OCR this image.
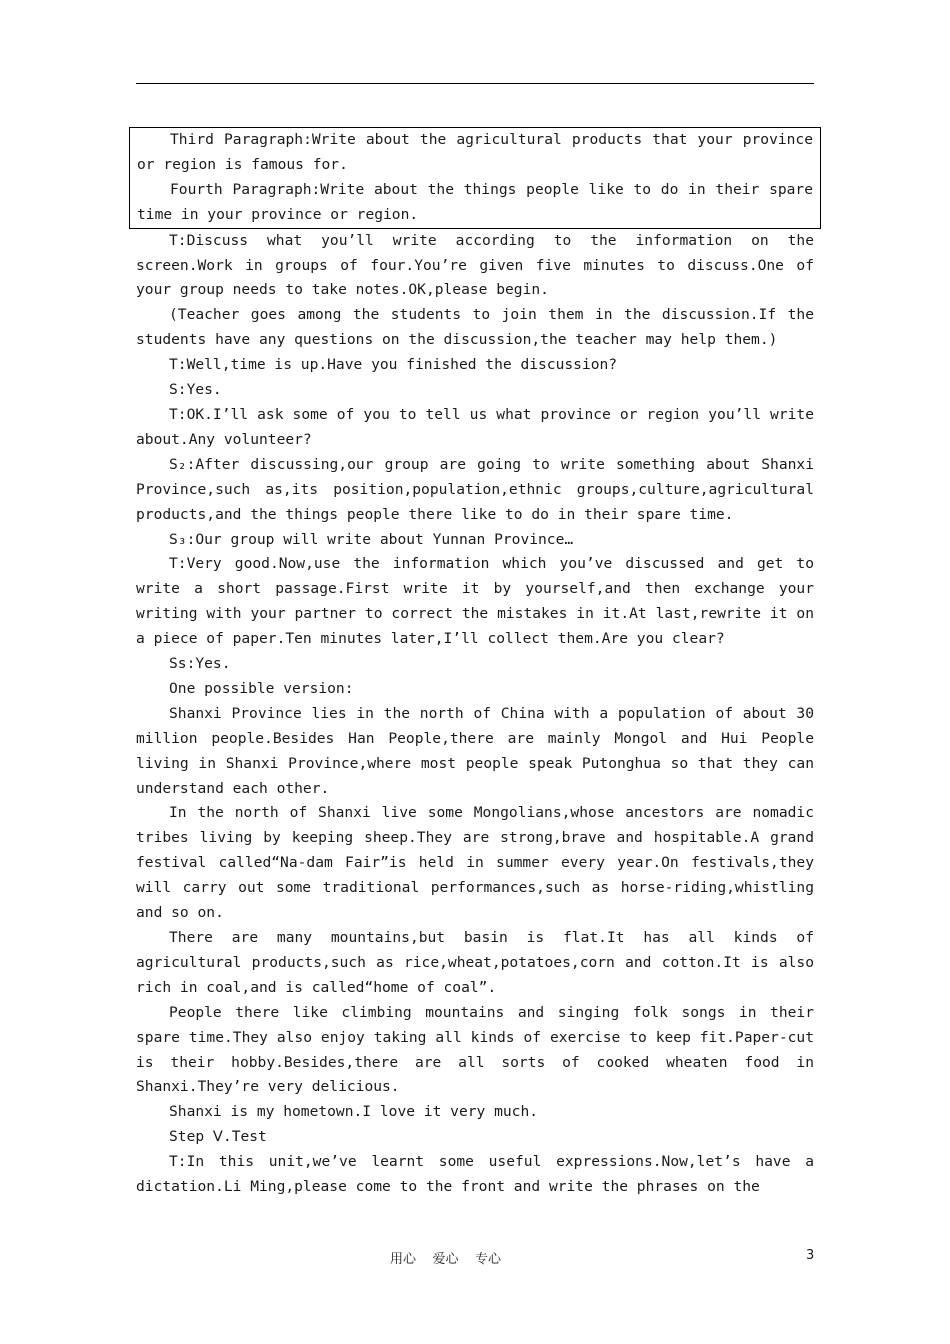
Third Paragraph:Write about the agricultural products that your province or region is famous for.

Fourth Paragraph:Write about the things people like to do in their spare time in your province or region.

T:Discuss what you’ll write according to the information on the screen.Work in groups of four.You’re given five minutes to discuss.One of your group needs to take notes.OK,please begin.

(Teacher goes among the students to join them in the discussion.If the students have any questions on the discussion,the teacher may help them.)

T:Well,time is up.Have you finished the discussion?

S:Yes.

T:OK.I’ll ask some of you to tell us what province or region you’ll write about.Any volunteer?

S₂:After discussing,our group are going to write something about Shanxi Province,such as,its position,population,ethnic groups,culture,agricultural products,and the things people there like to do in their spare time.

S₃:Our group will write about Yunnan Province…

T:Very good.Now,use the information which you’ve discussed and get to write a short passage.First write it by yourself,and then exchange your writing with your partner to correct the mistakes in it.At last,rewrite it on a piece of paper.Ten minutes later,I’ll collect them.Are you clear?

Ss:Yes.

One possible version:

Shanxi Province lies in the north of China with a population of about 30 million people.Besides Han People,there are mainly Mongol and Hui People living in Shanxi Province,where most people speak Putonghua so that they can understand each other.

In the north of Shanxi live some Mongolians,whose ancestors are nomadic tribes living by keeping sheep.They are strong,brave and hospitable.A grand festival called“Na-dam Fair”is held in summer every year.On festivals,they will carry out some traditional performances,such as horse-riding,whistling and so on.

There are many mountains,but basin is flat.It has all kinds of agricultural products,such as rice,wheat,potatoes,corn and cotton.It is also rich in coal,and is called“home of coal”.

People there like climbing mountains and singing folk songs in their spare time.They also enjoy taking all kinds of exercise to keep fit.Paper-cut is their hobby.Besides,there are all sorts of cooked wheaten food in Shanxi.They’re very delicious.

Shanxi is my hometown.I love it very much.

Step Ⅴ.Test

T:In this unit,we’ve learnt some useful expressions.Now,let’s have a dictation.Li Ming,please come to the front and write the phrases on the

用心    爱心    专心	3
